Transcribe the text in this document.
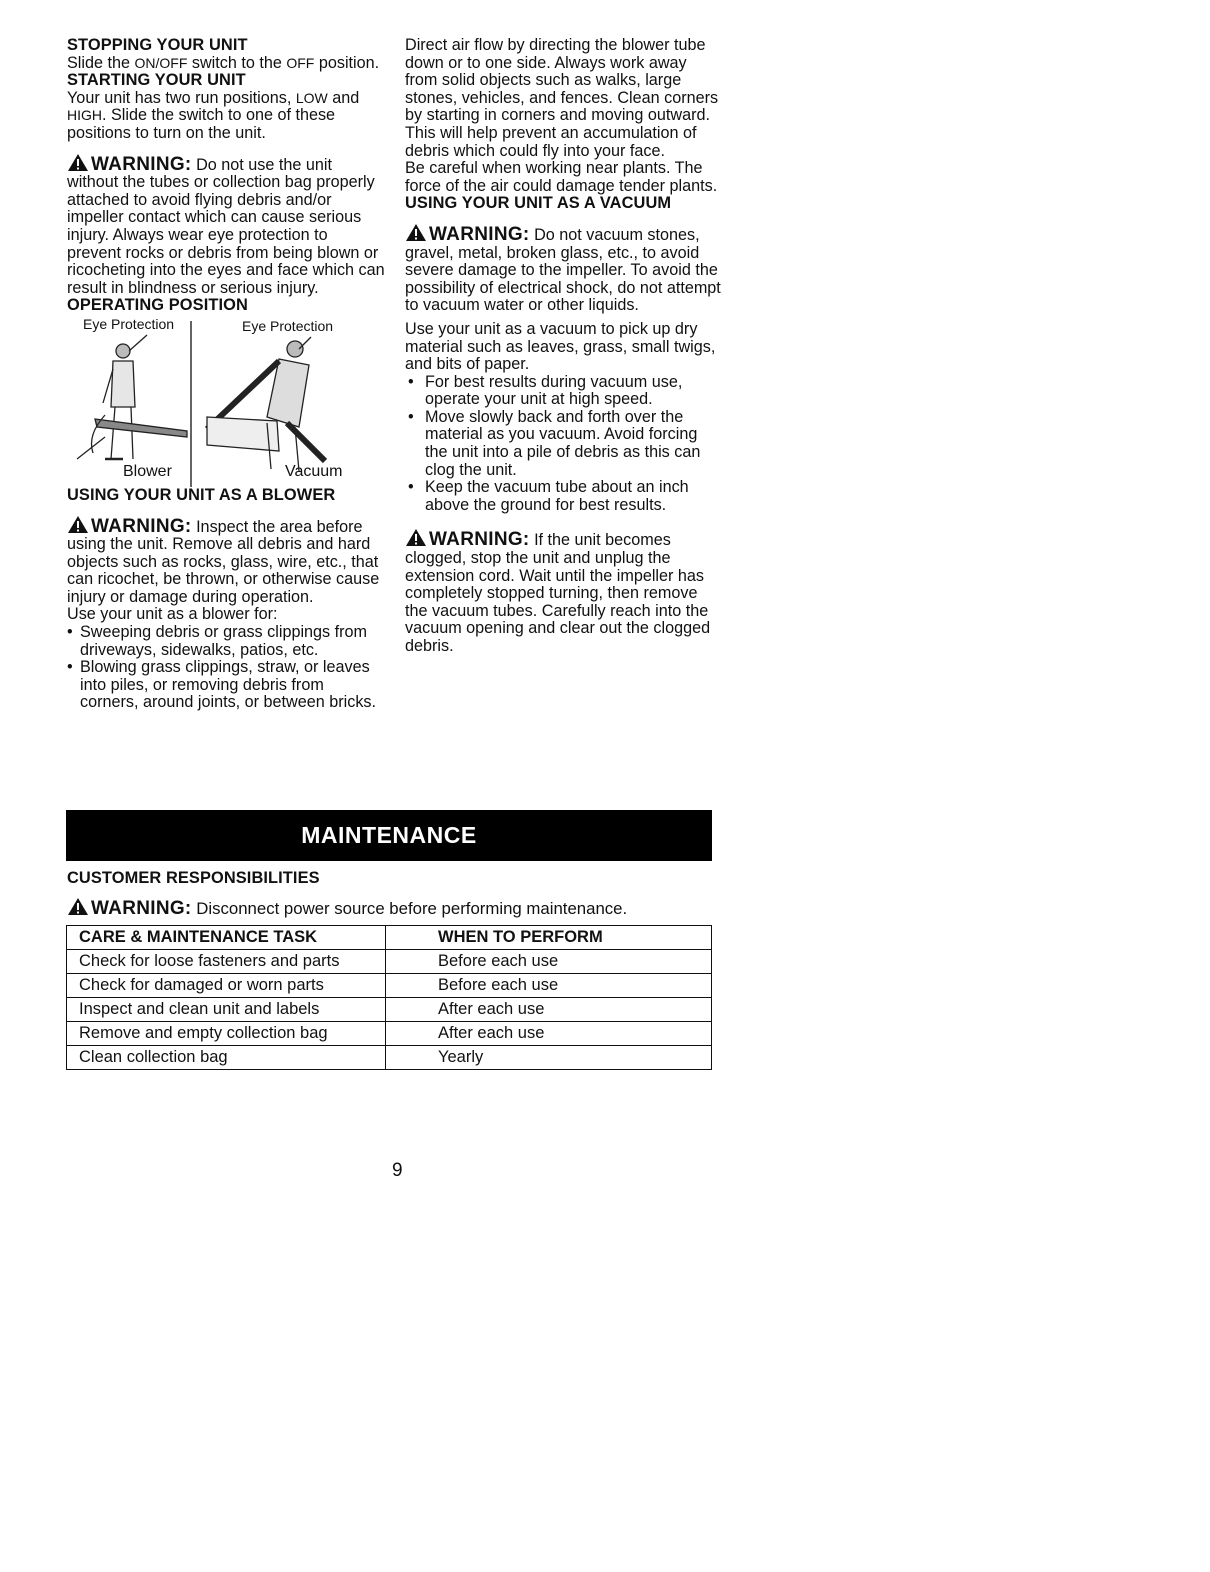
STOPPING YOUR UNIT

Slide the ON/OFF switch to the OFF position.

STARTING YOUR UNIT

Your unit has two run positions, LOW and HIGH. Slide the switch to one of these positions to turn on the unit.

WARNING: Do not use the unit without the tubes or collection bag properly attached to avoid flying debris and/or impeller contact which can cause serious injury. Always wear eye protection to prevent rocks or debris from being blown or ricocheting into the eyes and face which can result in blindness or serious injury.
OPERATING POSITION
Eye Protection	Eye Protection
Blower	Vacuum
USING YOUR UNIT AS A BLOWER
WARNING: Inspect the area before using the unit. Remove all debris and hard objects such as rocks, glass, wire, etc., that can ricochet, be thrown, or otherwise cause injury or damage during operation.

Use your unit as a blower for:

• Sweeping debris or grass clippings from driveways, sidewalks, patios, etc.
• Blowing grass clippings, straw, or leaves into piles, or removing debris from corners, around joints, or between bricks.

Direct air flow by directing the blower tube down or to one side. Always work away from solid objects such as walks, large stones, vehicles, and fences. Clean corners by starting in corners and moving outward. This will help prevent an accumulation of debris which could fly into your face.

Be careful when working near plants. The force of the air could damage tender plants.

USING YOUR UNIT AS A VACUUM
WARNING: Do not vacuum stones, gravel, metal, broken glass, etc., to avoid severe damage to the impeller. To avoid the possibility of electrical shock, do not attempt to vacuum water or other liquids.

Use your unit as a vacuum to pick up dry material such as leaves, grass, small twigs, and bits of paper.

• For best results during vacuum use, operate your unit at high speed.
• Move slowly back and forth over the material as you vacuum. Avoid forcing the unit into a pile of debris as this can clog the unit.
• Keep the vacuum tube about an inch above the ground for best results.
WARNING: If the unit becomes clogged, stop the unit and unplug the extension cord. Wait until the impeller has completely stopped turning, then remove the vacuum tubes. Carefully reach into the vacuum opening and clear out the clogged debris.
MAINTENANCE
CUSTOMER RESPONSIBILITIES
WARNING: Disconnect power source before performing maintenance.
CARE & MAINTENANCE TASK	WHEN TO PERFORM
Check for loose fasteners and parts	Before each use
Check for damaged or worn parts	Before each use
Inspect and clean unit and labels	After each use
Remove and empty collection bag	After each use
Clean collection bag	Yearly
9
